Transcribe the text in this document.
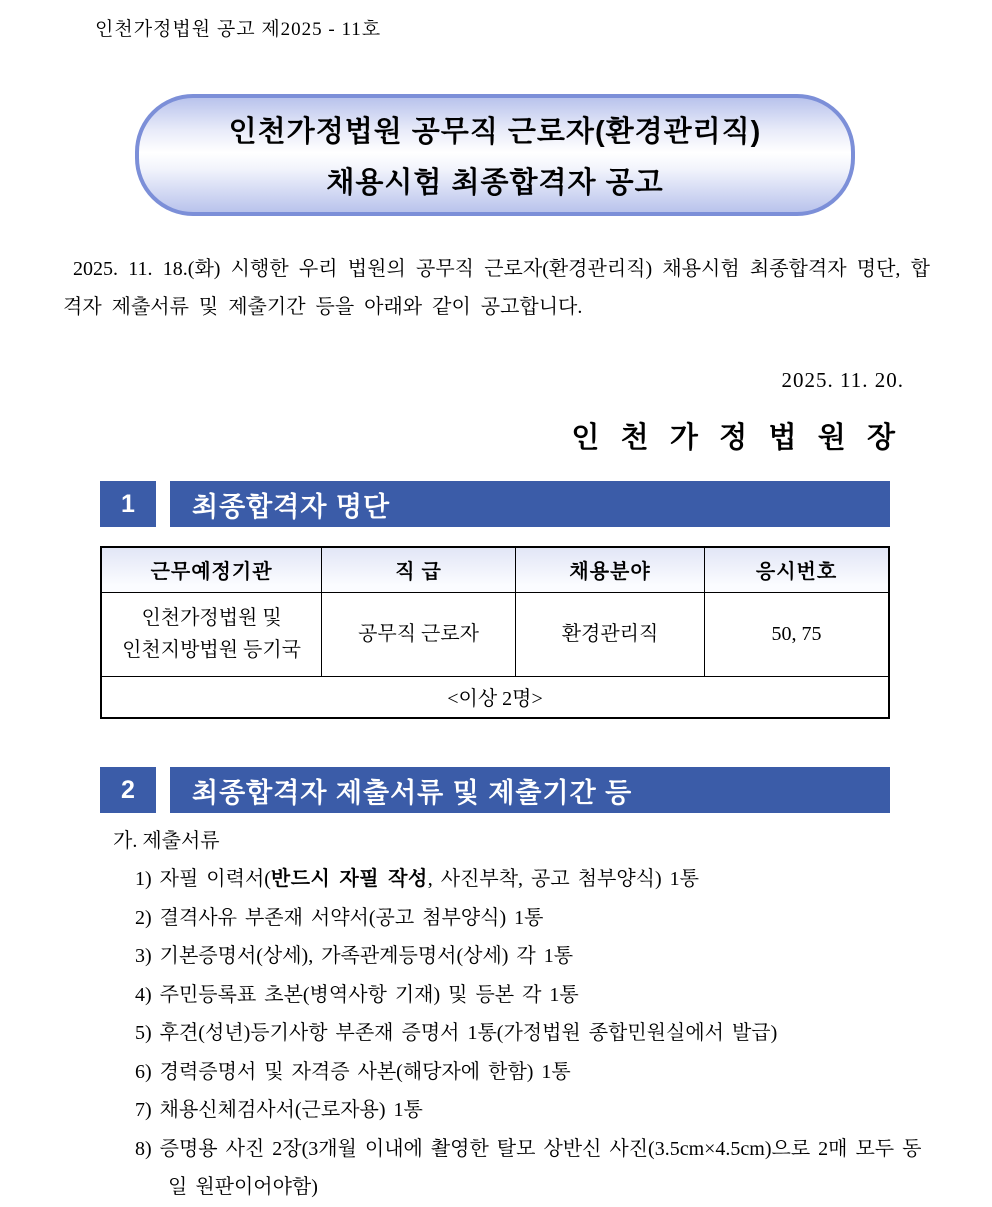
인천가정법원 공고 제2025 - 11호
인천가정법원 공무직 근로자(환경관리직)
채용시험 최종합격자 공고
2025. 11. 18.(화) 시행한 우리 법원의 공무직 근로자(환경관리직) 채용시험 최종합격자 명단, 합격자 제출서류 및 제출기간 등을 아래와 같이 공고합니다.
2025. 11. 20.
인 천 가 정 법 원 장
1	최종합격자 명단
근무예정기관	직 급	채용분야	응시번호

인천가정법원 및
인천지방법원 등기국	공무직 근로자	환경관리직	50, 75
<이상 2명>			
2	최종합격자 제출서류 및 제출기간 등
가. 제출서류
1) 자필 이력서(반드시 자필 작성, 사진부착, 공고 첨부양식) 1통
2) 결격사유 부존재 서약서(공고 첨부양식) 1통
3) 기본증명서(상세), 가족관계등명서(상세) 각 1통
4) 주민등록표 초본(병역사항 기재) 및 등본 각 1통
5) 후견(성년)등기사항 부존재 증명서 1통(가정법원 종합민원실에서 발급)
6) 경력증명서 및 자격증 사본(해당자에 한함) 1통
7) 채용신체검사서(근로자용) 1통
8) 증명용 사진 2장(3개월 이내에 촬영한 탈모 상반신 사진(3.5cm×4.5cm)으로 2매 모두 동일 원판이어야함)
